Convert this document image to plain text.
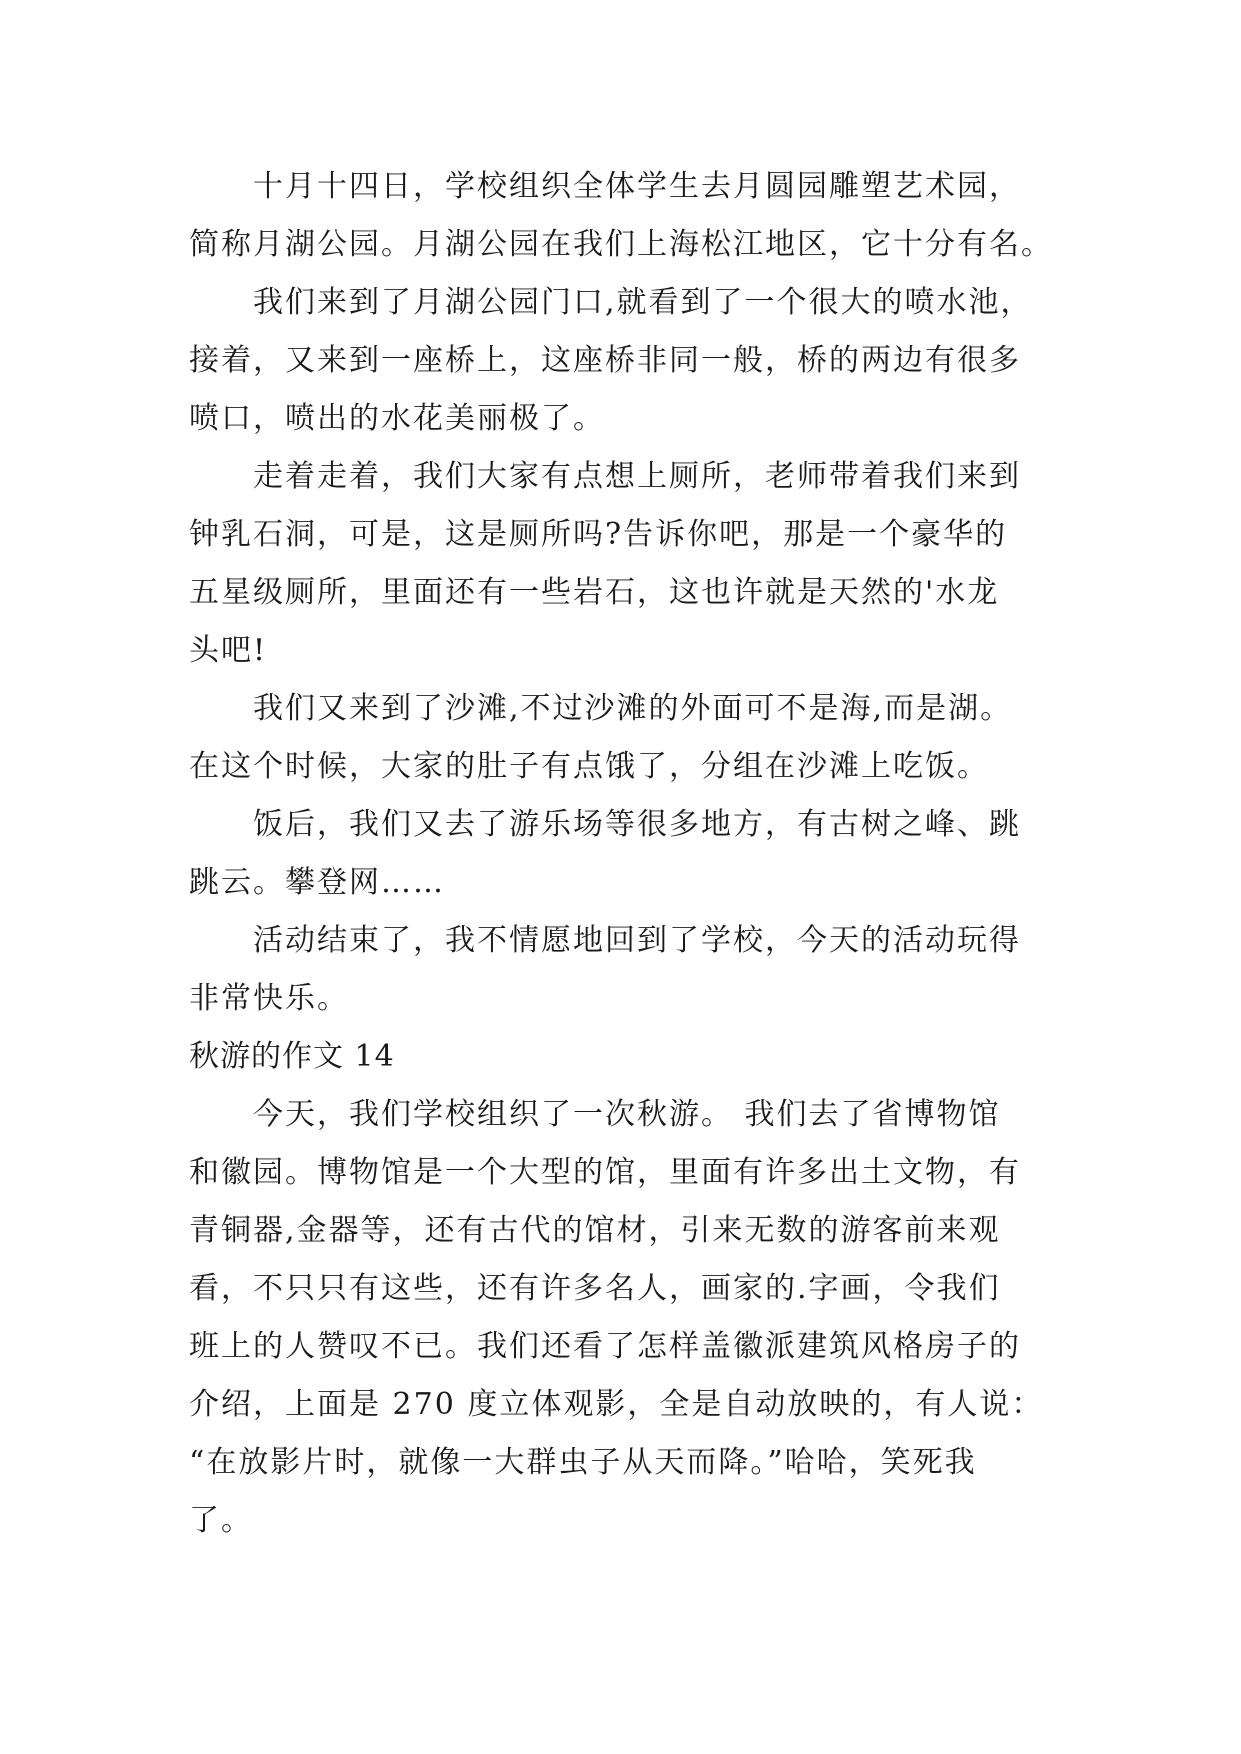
十月十四日，学校组织全体学生去月圆园雕塑艺术园，
简称月湖公园。月湖公园在我们上海松江地区，它十分有名。
我们来到了月湖公园门口,就看到了一个很大的喷水池，
接着，又来到一座桥上，这座桥非同一般，桥的两边有很多
喷口，喷出的水花美丽极了。
走着走着，我们大家有点想上厕所，老师带着我们来到
钟乳石洞，可是，这是厕所吗?告诉你吧，那是一个豪华的
五星级厕所，里面还有一些岩石，这也许就是天然的'水龙
头吧!
我们又来到了沙滩,不过沙滩的外面可不是海,而是湖。
在这个时候，大家的肚子有点饿了，分组在沙滩上吃饭。
饭后，我们又去了游乐场等很多地方，有古树之峰、跳
跳云。攀登网……
活动结束了，我不情愿地回到了学校，今天的活动玩得
非常快乐。
秋游的作文 14
今天，我们学校组织了一次秋游。 我们去了省博物馆
和徽园。博物馆是一个大型的馆，里面有许多出土文物，有
青铜器,金器等，还有古代的馆材，引来无数的游客前来观
看，不只只有这些，还有许多名人，画家的.字画，令我们
班上的人赞叹不已。我们还看了怎样盖徽派建筑风格房子的
介绍，上面是 270 度立体观影，全是自动放映的，有人说：
“在放影片时，就像一大群虫子从天而降。”哈哈，笑死我
了。
